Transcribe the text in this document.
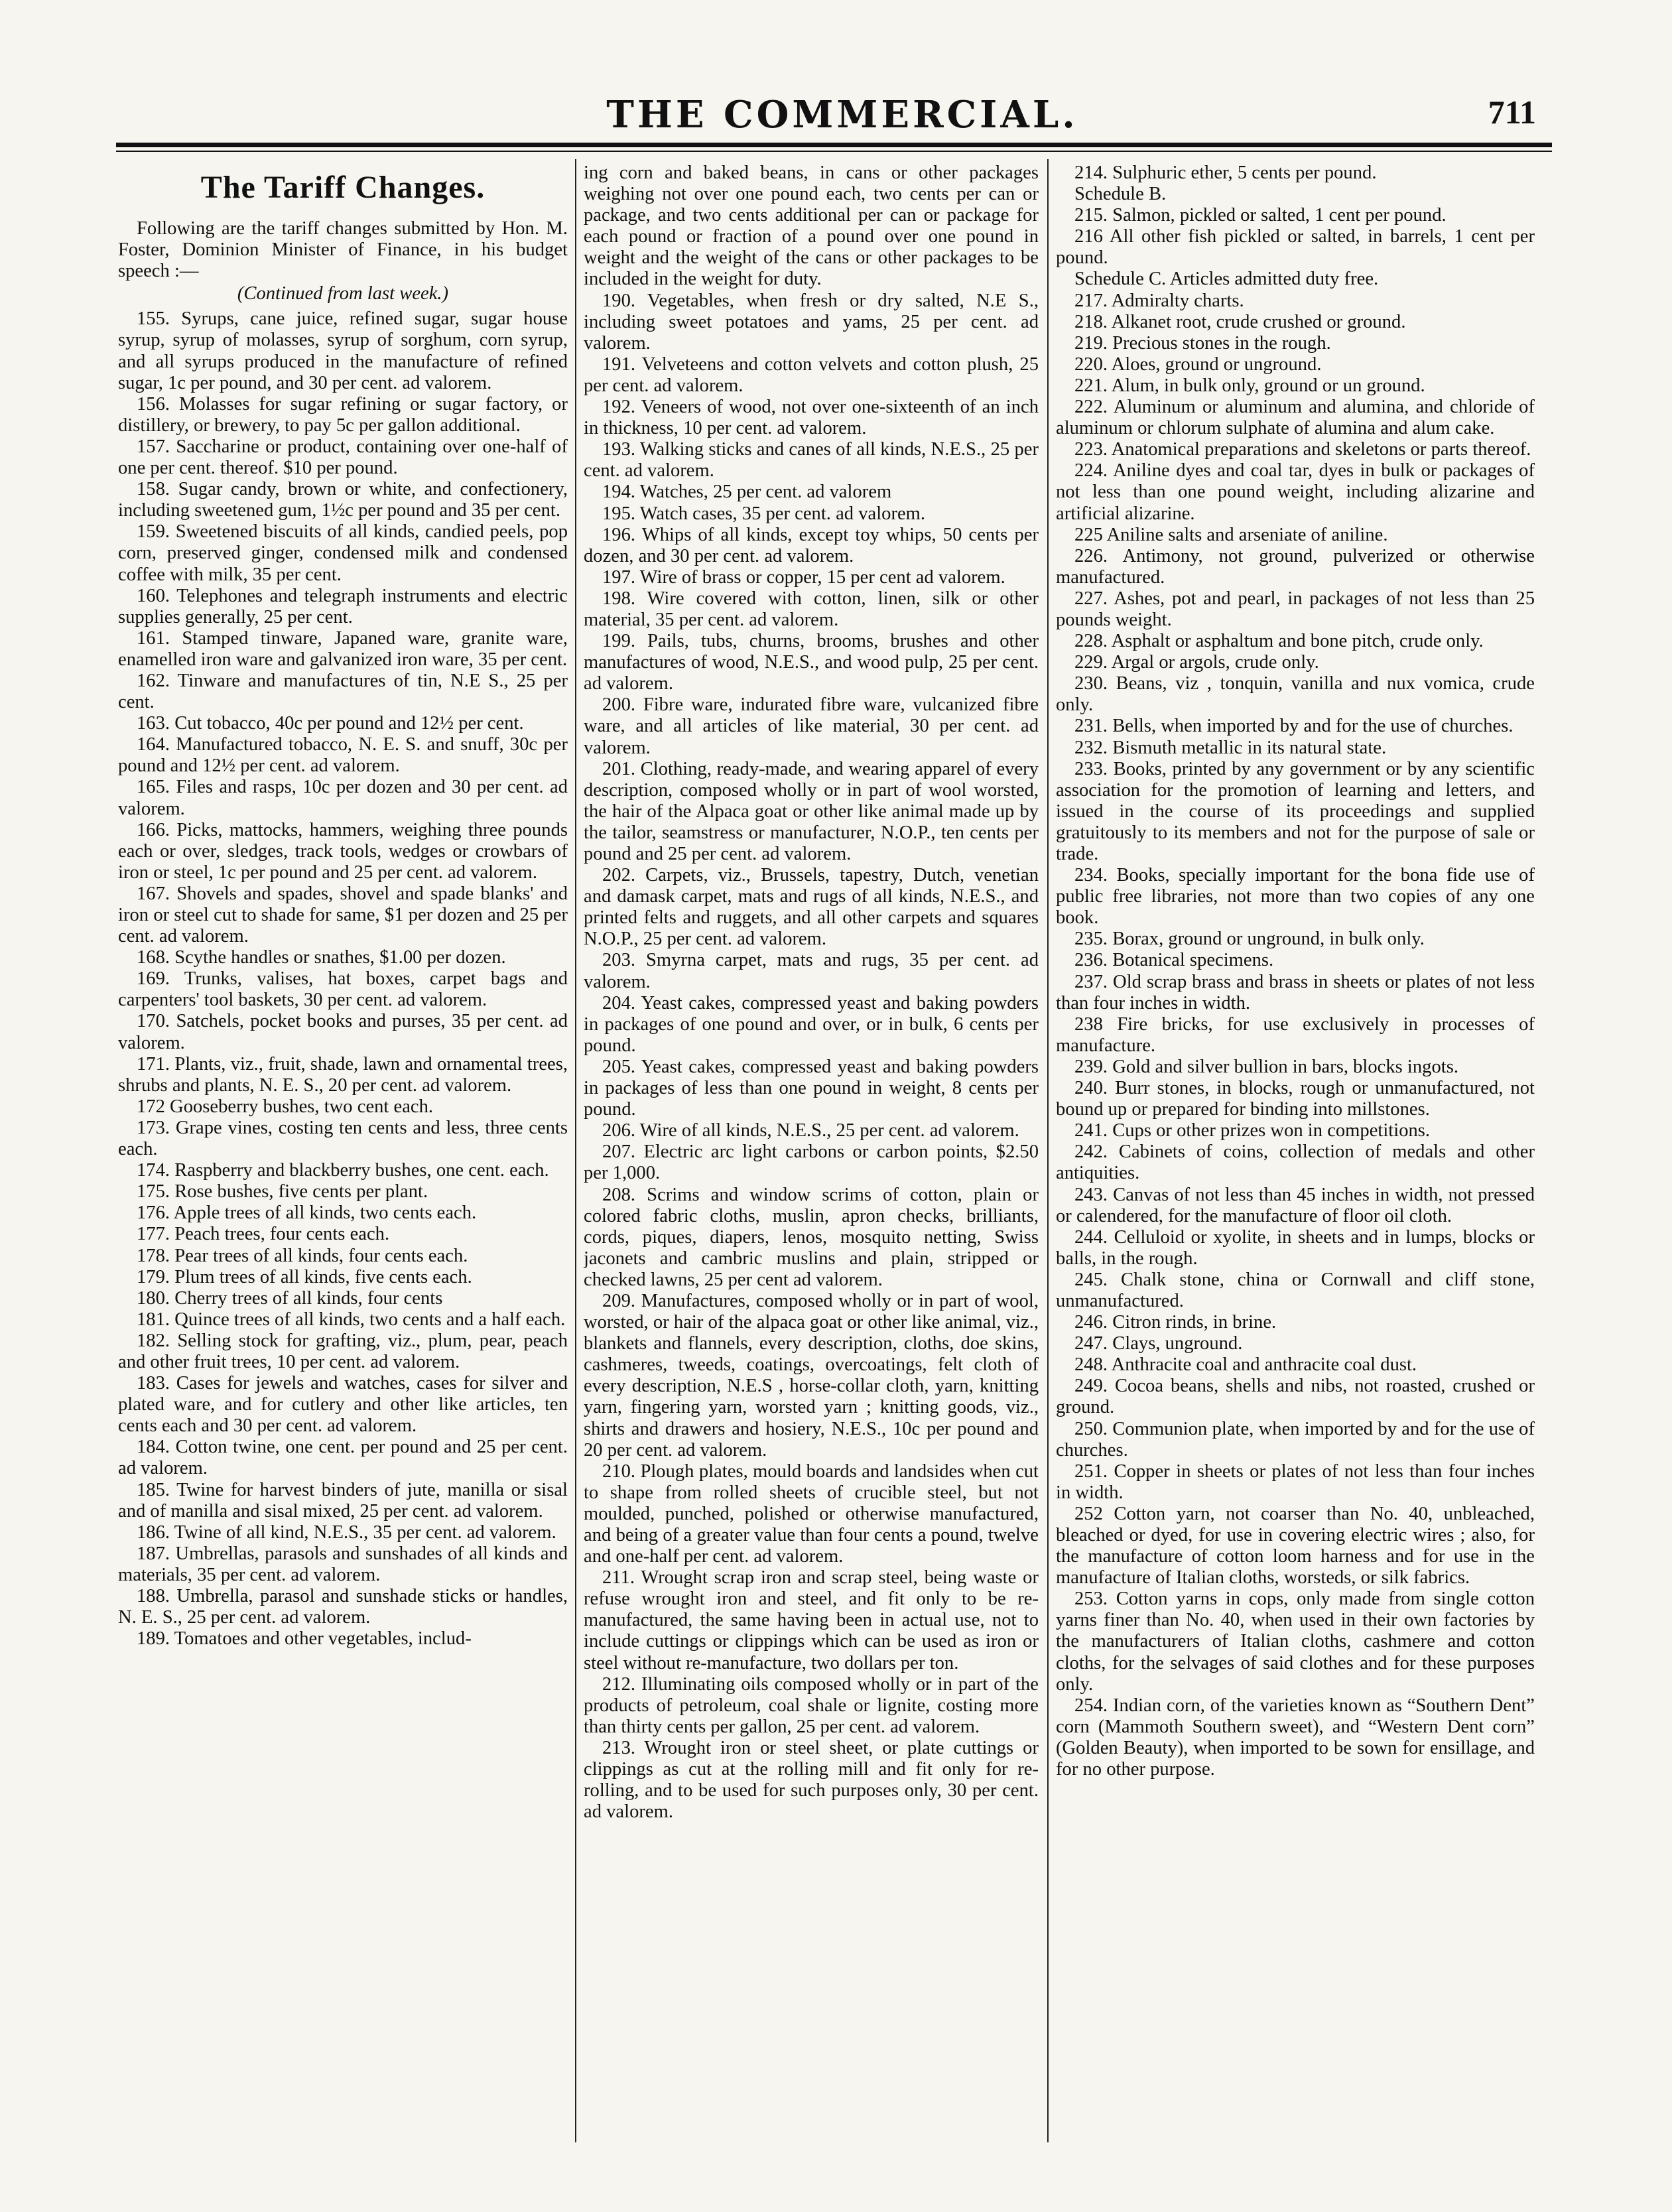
THE COMMERCIAL.	711
The Tariff Changes.

Following are the tariff changes submitted by Hon. M. Foster, Dominion Minister of Finance, in his budget speech :—

(Continued from last week.)

155. Syrups, cane juice, refined sugar, sugar house syrup, syrup of molasses, syrup of sorghum, corn syrup, and all syrups produced in the manufacture of refined sugar, 1c per pound, and 30 per cent. ad valorem.

156. Molasses for sugar refining or sugar factory, or distillery, or brewery, to pay 5c per gallon additional.

157. Saccharine or product, containing over one-half of one per cent. thereof. $10 per pound.

158. Sugar candy, brown or white, and confectionery, including sweetened gum, 1½c per pound and 35 per cent.

159. Sweetened biscuits of all kinds, candied peels, pop corn, preserved ginger, condensed milk and condensed coffee with milk, 35 per cent.

160. Telephones and telegraph instruments and electric supplies generally, 25 per cent.

161. Stamped tinware, Japaned ware, granite ware, enamelled iron ware and galvanized iron ware, 35 per cent.

162. Tinware and manufactures of tin, N.E S., 25 per cent.

163. Cut tobacco, 40c per pound and 12½ per cent.

164. Manufactured tobacco, N. E. S. and snuff, 30c per pound and 12½ per cent. ad valorem.

165. Files and rasps, 10c per dozen and 30 per cent. ad valorem.

166. Picks, mattocks, hammers, weighing three pounds each or over, sledges, track tools, wedges or crowbars of iron or steel, 1c per pound and 25 per cent. ad valorem.

167. Shovels and spades, shovel and spade blanks' and iron or steel cut to shade for same, $1 per dozen and 25 per cent. ad valorem.

168. Scythe handles or snathes, $1.00 per dozen.

169. Trunks, valises, hat boxes, carpet bags and carpenters' tool baskets, 30 per cent. ad valorem.

170. Satchels, pocket books and purses, 35 per cent. ad valorem.

171. Plants, viz., fruit, shade, lawn and ornamental trees, shrubs and plants, N. E. S., 20 per cent. ad valorem.

172 Gooseberry bushes, two cent each.

173. Grape vines, costing ten cents and less, three cents each.

174. Raspberry and blackberry bushes, one cent. each.

175. Rose bushes, five cents per plant.

176. Apple trees of all kinds, two cents each.

177. Peach trees, four cents each.

178. Pear trees of all kinds, four cents each.

179. Plum trees of all kinds, five cents each.

180. Cherry trees of all kinds, four cents

181. Quince trees of all kinds, two cents and a half each.

182. Selling stock for grafting, viz., plum, pear, peach and other fruit trees, 10 per cent. ad valorem.

183. Cases for jewels and watches, cases for silver and plated ware, and for cutlery and other like articles, ten cents each and 30 per cent. ad valorem.

184. Cotton twine, one cent. per pound and 25 per cent. ad valorem.

185. Twine for harvest binders of jute, manilla or sisal and of manilla and sisal mixed, 25 per cent. ad valorem.

186. Twine of all kind, N.E.S., 35 per cent. ad valorem.

187. Umbrellas, parasols and sunshades of all kinds and materials, 35 per cent. ad valorem.

188. Umbrella, parasol and sunshade sticks or handles, N. E. S., 25 per cent. ad valorem.

189. Tomatoes and other vegetables, includ-

ing corn and baked beans, in cans or other packages weighing not over one pound each, two cents per can or package, and two cents additional per can or package for each pound or fraction of a pound over one pound in weight and the weight of the cans or other packages to be included in the weight for duty.

190. Vegetables, when fresh or dry salted, N.E S., including sweet potatoes and yams, 25 per cent. ad valorem.

191. Velveteens and cotton velvets and cotton plush, 25 per cent. ad valorem.

192. Veneers of wood, not over one-sixteenth of an inch in thickness, 10 per cent. ad valorem.

193. Walking sticks and canes of all kinds, N.E.S., 25 per cent. ad valorem.

194. Watches, 25 per cent. ad valorem

195. Watch cases, 35 per cent. ad valorem.

196. Whips of all kinds, except toy whips, 50 cents per dozen, and 30 per cent. ad valorem.

197. Wire of brass or copper, 15 per cent ad valorem.

198. Wire covered with cotton, linen, silk or other material, 35 per cent. ad valorem.

199. Pails, tubs, churns, brooms, brushes and other manufactures of wood, N.E.S., and wood pulp, 25 per cent. ad valorem.

200. Fibre ware, indurated fibre ware, vulcanized fibre ware, and all articles of like material, 30 per cent. ad valorem.

201. Clothing, ready-made, and wearing apparel of every description, composed wholly or in part of wool worsted, the hair of the Alpaca goat or other like animal made up by the tailor, seamstress or manufacturer, N.O.P., ten cents per pound and 25 per cent. ad valorem.

202. Carpets, viz., Brussels, tapestry, Dutch, venetian and damask carpet, mats and rugs of all kinds, N.E.S., and printed felts and ruggets, and all other carpets and squares N.O.P., 25 per cent. ad valorem.

203. Smyrna carpet, mats and rugs, 35 per cent. ad valorem.

204. Yeast cakes, compressed yeast and baking powders in packages of one pound and over, or in bulk, 6 cents per pound.

205. Yeast cakes, compressed yeast and baking powders in packages of less than one pound in weight, 8 cents per pound.

206. Wire of all kinds, N.E.S., 25 per cent. ad valorem.

207. Electric arc light carbons or carbon points, $2.50 per 1,000.

208. Scrims and window scrims of cotton, plain or colored fabric cloths, muslin, apron checks, brilliants, cords, piques, diapers, lenos, mosquito netting, Swiss jaconets and cambric muslins and plain, stripped or checked lawns, 25 per cent ad valorem.

209. Manufactures, composed wholly or in part of wool, worsted, or hair of the alpaca goat or other like animal, viz., blankets and flannels, every description, cloths, doe skins, cashmeres, tweeds, coatings, overcoatings, felt cloth of every description, N.E.S , horse-collar cloth, yarn, knitting yarn, fingering yarn, worsted yarn ; knitting goods, viz., shirts and drawers and hosiery, N.E.S., 10c per pound and 20 per cent. ad valorem.

210. Plough plates, mould boards and landsides when cut to shape from rolled sheets of crucible steel, but not moulded, punched, polished or otherwise manufactured, and being of a greater value than four cents a pound, twelve and one-half per cent. ad valorem.

211. Wrought scrap iron and scrap steel, being waste or refuse wrought iron and steel, and fit only to be re-manufactured, the same having been in actual use, not to include cuttings or clippings which can be used as iron or steel without re-manufacture, two dollars per ton.

212. Illuminating oils composed wholly or in part of the products of petroleum, coal shale or lignite, costing more than thirty cents per gallon, 25 per cent. ad valorem.

213. Wrought iron or steel sheet, or plate cuttings or clippings as cut at the rolling mill and fit only for re-rolling, and to be used for such purposes only, 30 per cent. ad valorem.

214. Sulphuric ether, 5 cents per pound.

Schedule B.

215. Salmon, pickled or salted, 1 cent per pound.

216 All other fish pickled or salted, in barrels, 1 cent per pound.

Schedule C. Articles admitted duty free.

217. Admiralty charts.

218. Alkanet root, crude crushed or ground.

219. Precious stones in the rough.

220. Aloes, ground or unground.

221. Alum, in bulk only, ground or un ground.

222. Aluminum or aluminum and alumina, and chloride of aluminum or chlorum sulphate of alumina and alum cake.

223. Anatomical preparations and skeletons or parts thereof.

224. Aniline dyes and coal tar, dyes in bulk or packages of not less than one pound weight, including alizarine and artificial alizarine.

225 Aniline salts and arseniate of aniline.

226. Antimony, not ground, pulverized or otherwise manufactured.

227. Ashes, pot and pearl, in packages of not less than 25 pounds weight.

228. Asphalt or asphaltum and bone pitch, crude only.

229. Argal or argols, crude only.

230. Beans, viz , tonquin, vanilla and nux vomica, crude only.

231. Bells, when imported by and for the use of churches.

232. Bismuth metallic in its natural state.

233. Books, printed by any government or by any scientific association for the promotion of learning and letters, and issued in the course of its proceedings and supplied gratuitously to its members and not for the purpose of sale or trade.

234. Books, specially important for the bona fide use of public free libraries, not more than two copies of any one book.

235. Borax, ground or unground, in bulk only.

236. Botanical specimens.

237. Old scrap brass and brass in sheets or plates of not less than four inches in width.

238 Fire bricks, for use exclusively in processes of manufacture.

239. Gold and silver bullion in bars, blocks ingots.

240. Burr stones, in blocks, rough or unmanufactured, not bound up or prepared for binding into millstones.

241. Cups or other prizes won in competitions.

242. Cabinets of coins, collection of medals and other antiquities.

243. Canvas of not less than 45 inches in width, not pressed or calendered, for the manufacture of floor oil cloth.

244. Celluloid or xyolite, in sheets and in lumps, blocks or balls, in the rough.

245. Chalk stone, china or Cornwall and cliff stone, unmanufactured.

246. Citron rinds, in brine.

247. Clays, unground.

248. Anthracite coal and anthracite coal dust.

249. Cocoa beans, shells and nibs, not roasted, crushed or ground.

250. Communion plate, when imported by and for the use of churches.

251. Copper in sheets or plates of not less than four inches in width.

252 Cotton yarn, not coarser than No. 40, unbleached, bleached or dyed, for use in covering electric wires ; also, for the manufacture of cotton loom harness and for use in the manufacture of Italian cloths, worsteds, or silk fabrics.

253. Cotton yarns in cops, only made from single cotton yarns finer than No. 40, when used in their own factories by the manufacturers of Italian cloths, cashmere and cotton cloths, for the selvages of said clothes and for these purposes only.

254. Indian corn, of the varieties known as “Southern Dent” corn (Mammoth Southern sweet), and “Western Dent corn” (Golden Beauty), when imported to be sown for ensillage, and for no other purpose.
